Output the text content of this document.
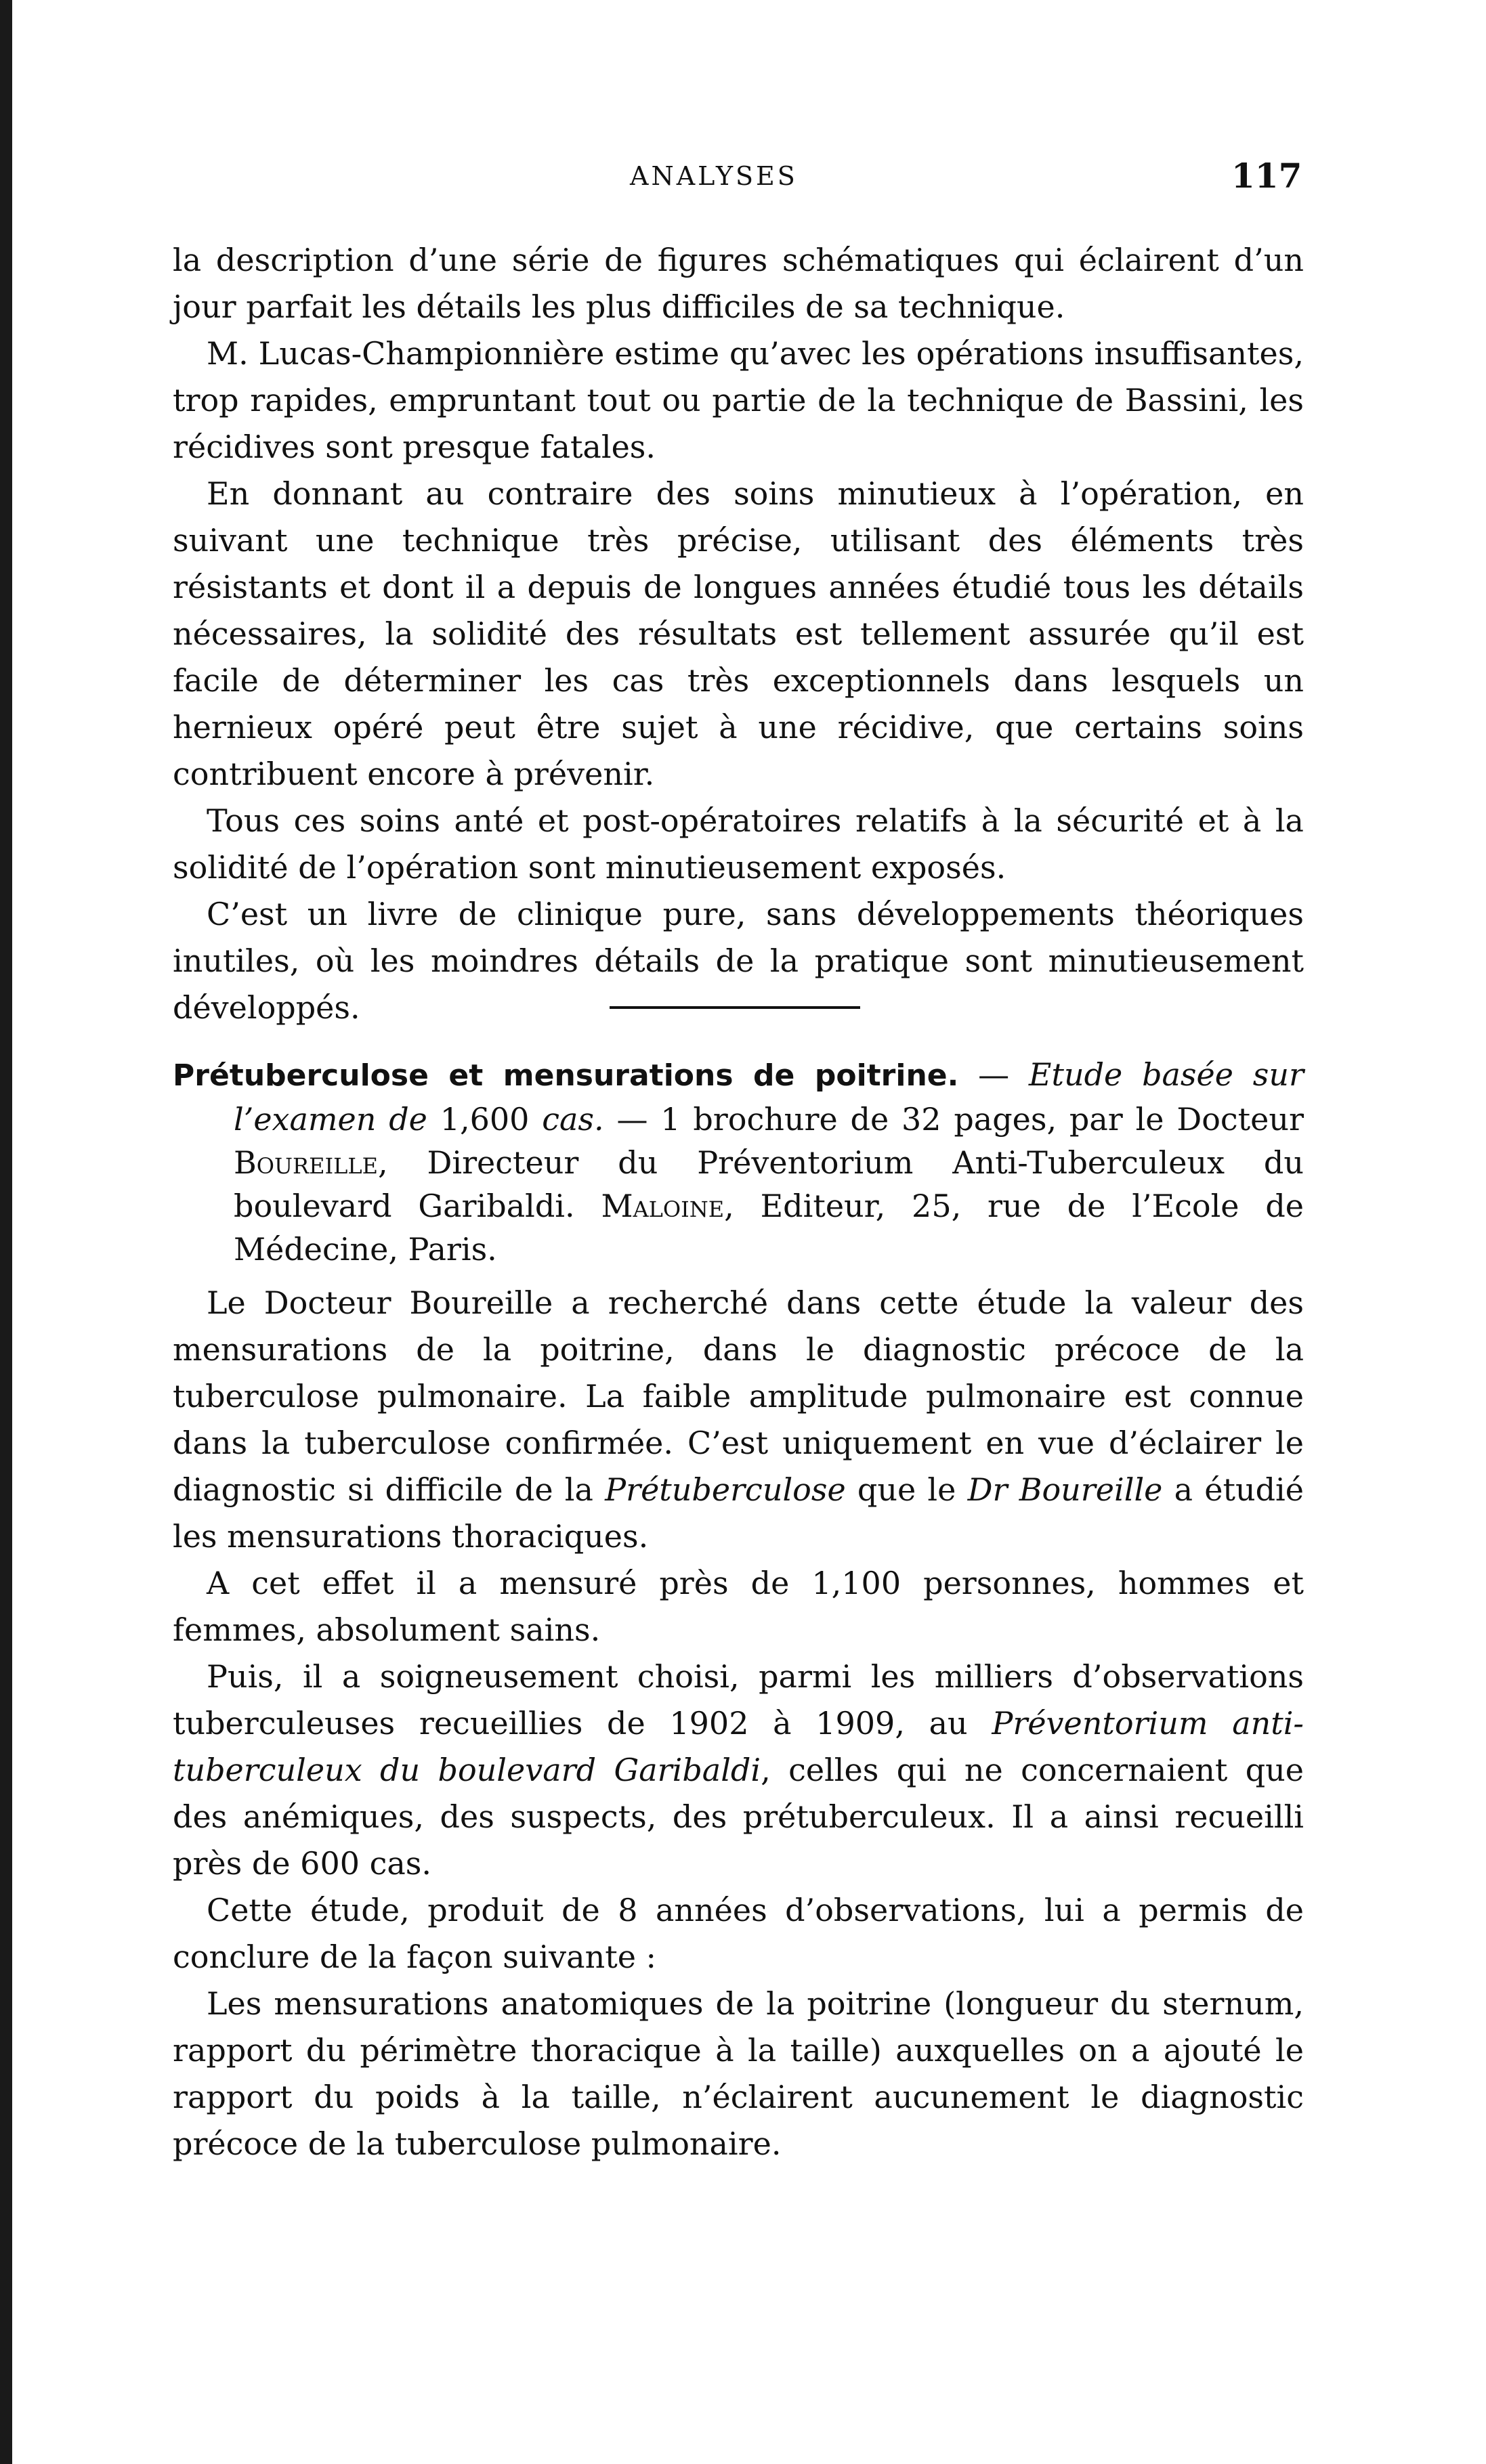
ANALYSES	117

la description d’une série de figures schématiques qui éclairent d’un jour parfait les détails les plus difficiles de sa technique.

M. Lucas-Championnière estime qu’avec les opérations insuffisantes, trop rapides, empruntant tout ou partie de la technique de Bassini, les récidives sont presque fatales.

En donnant au contraire des soins minutieux à l’opération, en suivant une technique très précise, utilisant des éléments très résistants et dont il a depuis de longues années étudié tous les détails nécessaires, la solidité des résultats est tellement assurée qu’il est facile de déterminer les cas très exceptionnels dans lesquels un hernieux opéré peut être sujet à une récidive, que certains soins contribuent encore à prévenir.

Tous ces soins anté et post-opératoires relatifs à la sécurité et à la solidité de l’opération sont minutieusement exposés.

C’est un livre de clinique pure, sans développements théoriques inutiles, où les moindres détails de la pratique sont minutieusement développés.

Prétuberculose et mensurations de poitrine. — Etude basée sur l’examen de 1,600 cas. — 1 brochure de 32 pages, par le Docteur Boureille, Directeur du Préventorium Anti-Tuberculeux du boulevard Garibaldi. Maloine, Editeur, 25, rue de l’Ecole de Médecine, Paris.

Le Docteur Boureille a recherché dans cette étude la valeur des mensurations de la poitrine, dans le diagnostic précoce de la tuberculose pulmonaire. La faible amplitude pulmonaire est connue dans la tuberculose confirmée. C’est uniquement en vue d’éclairer le diagnostic si difficile de la Prétuberculose que le Dr Boureille a étudié les mensurations thoraciques.

A cet effet il a mensuré près de 1,100 personnes, hommes et femmes, absolument sains.

Puis, il a soigneusement choisi, parmi les milliers d’observations tuberculeuses recueillies de 1902 à 1909, au Préventorium anti-tuberculeux du boulevard Garibaldi, celles qui ne concernaient que des anémiques, des suspects, des prétuberculeux. Il a ainsi recueilli près de 600 cas.

Cette étude, produit de 8 années d’observations, lui a permis de conclure de la façon suivante :

Les mensurations anatomiques de la poitrine (longueur du sternum, rapport du périmètre thoracique à la taille) auxquelles on a ajouté le rapport du poids à la taille, n’éclairent aucunement le diagnostic précoce de la tuberculose pulmonaire.
